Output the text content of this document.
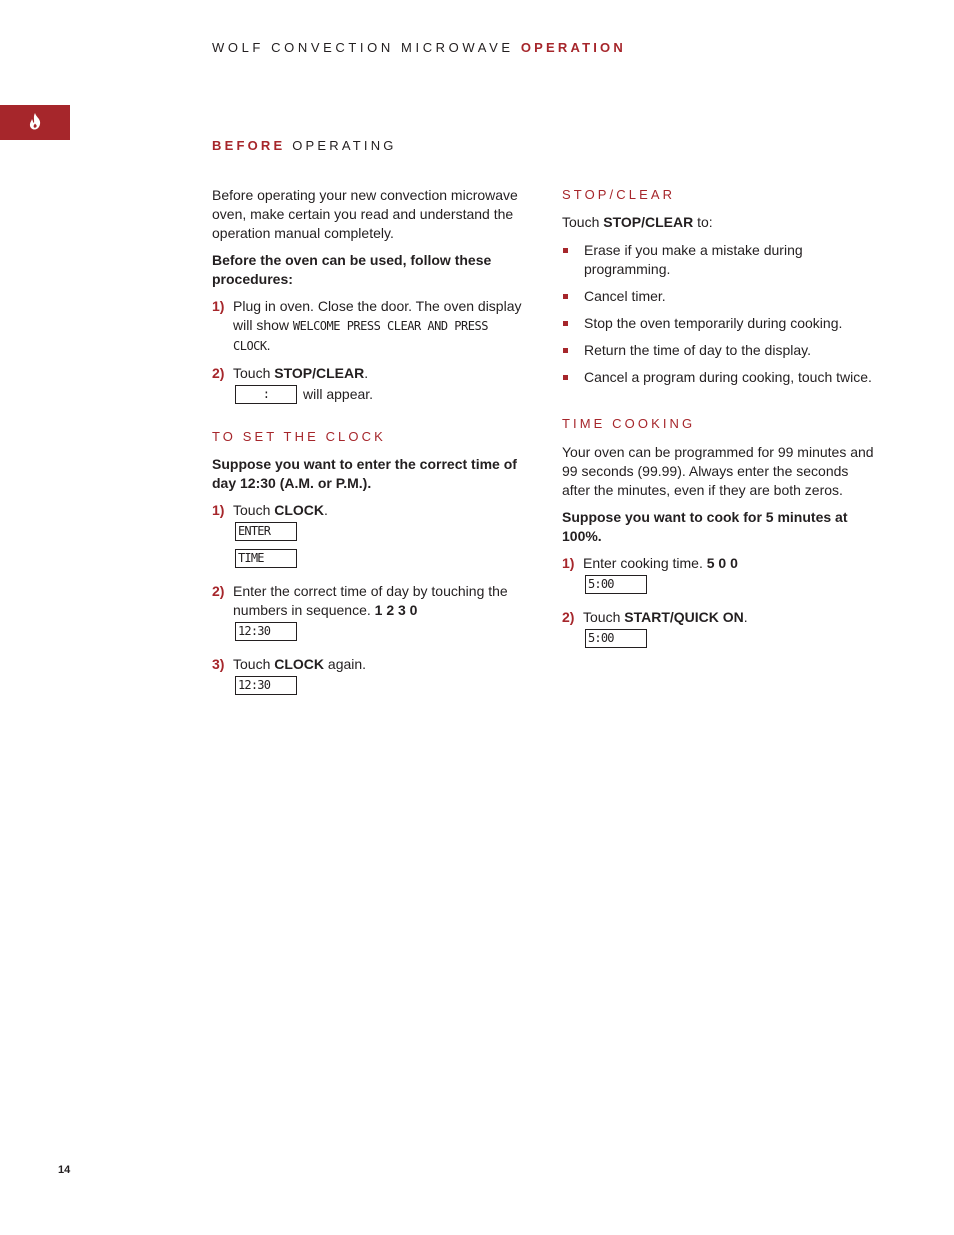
WOLF CONVECTION MICROWAVE OPERATION
BEFORE OPERATING

Before operating your new convection microwave oven, make certain you read and understand the operation manual completely.

Before the oven can be used, follow these procedures:

1) Plug in oven. Close the door. The oven display will show WELCOME PRESS CLEAR AND PRESS CLOCK.
2) Touch STOP/CLEAR.
:	will appear.
TO SET THE CLOCK

Suppose you want to enter the correct time of day 12:30 (A.M. or P.M.).

1) Touch CLOCK.
ENTER
TIME
2) Enter the correct time of day by touching the numbers in sequence. 1 2 3 0
12:30
3) Touch CLOCK again.
12:30
STOP/CLEAR

Touch STOP/CLEAR to:

Erase if you make a mistake during programming.
Cancel timer.
Stop the oven temporarily during cooking.
Return the time of day to the display.
Cancel a program during cooking, touch twice.
TIME COOKING

Your oven can be programmed for 99 minutes and 99 seconds (99.99). Always enter the seconds after the minutes, even if they are both zeros.

Suppose you want to cook for 5 minutes at 100%.

1) Enter cooking time. 5 0 0
5:00
2) Touch START/QUICK ON.
5:00
14
